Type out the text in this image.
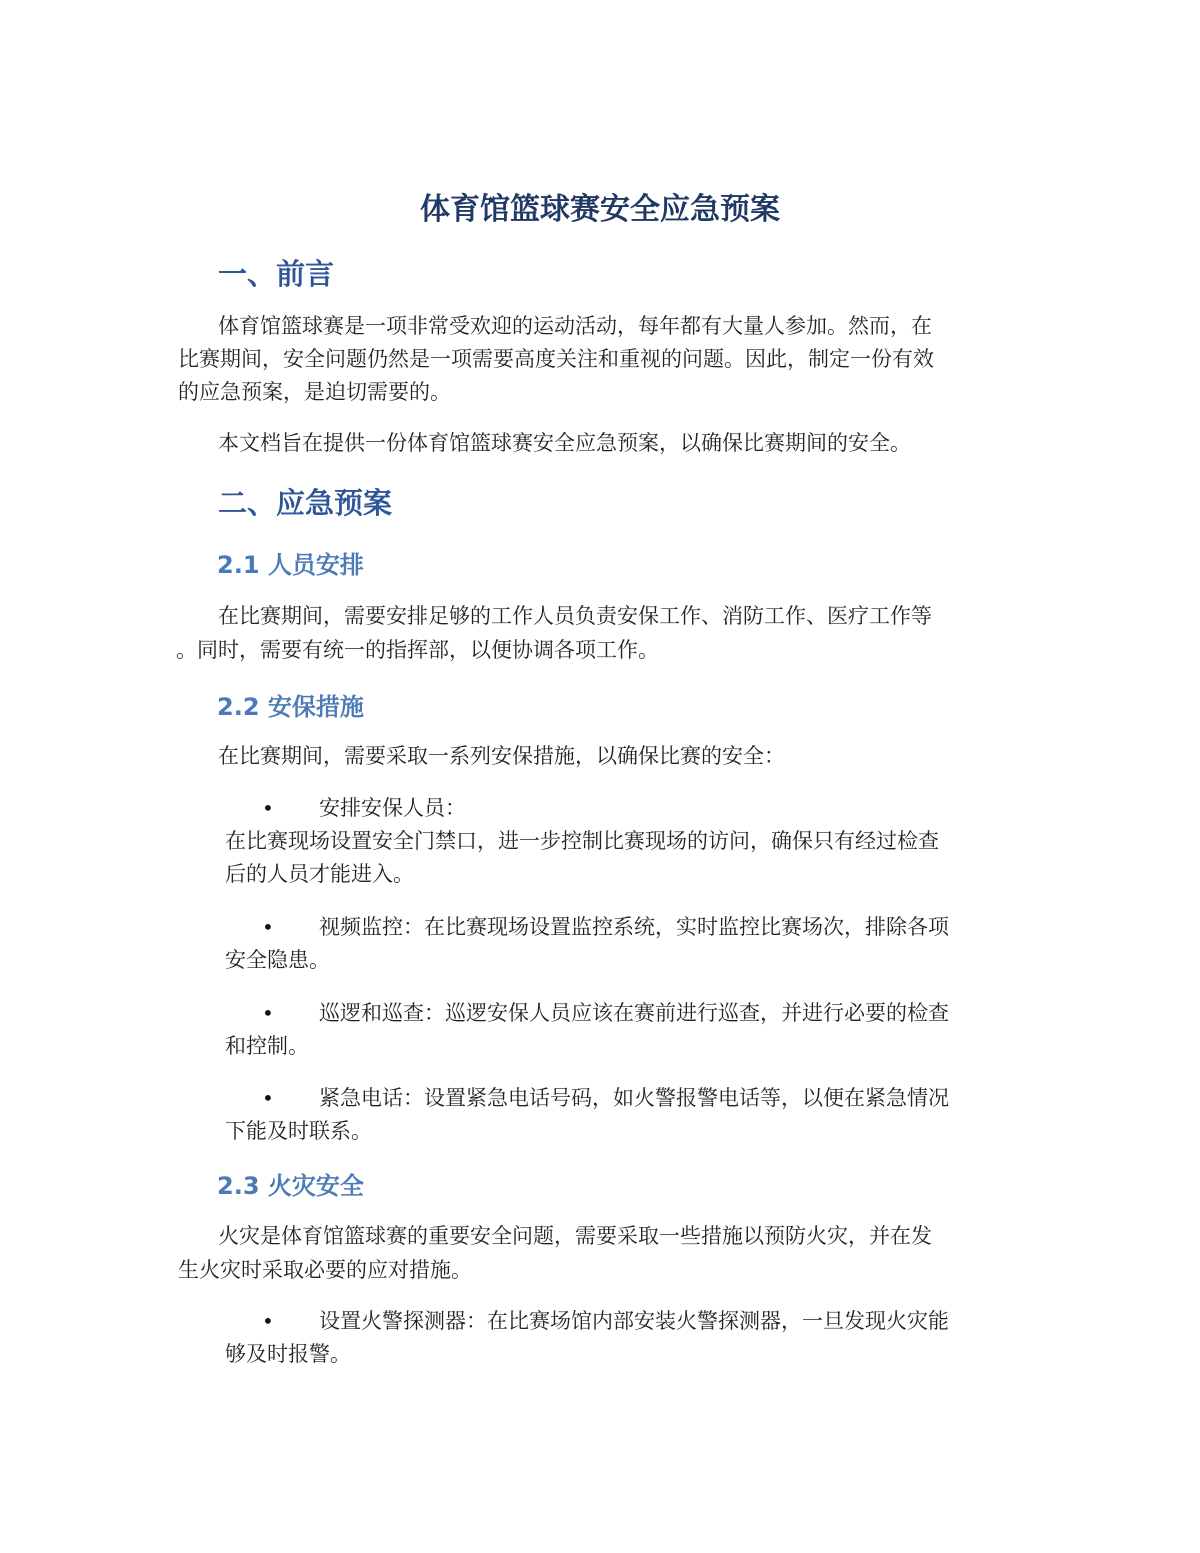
体育馆篮球赛安全应急预案
一、前言

体育馆篮球赛是一项非常受欢迎的运动活动，每年都有大量人参加。然而，在

比赛期间，安全问题仍然是一项需要高度关注和重视的问题。因此，制定一份有效

的应急预案，是迫切需要的。

本文档旨在提供一份体育馆篮球赛安全应急预案，以确保比赛期间的安全。

二、应急预案
2.1 人员安排

在比赛期间，需要安排足够的工作人员负责安保工作、消防工作、医疗工作等

。同时，需要有统一的指挥部，以便协调各项工作。

2.2 安保措施

在比赛期间，需要采取一系列安保措施，以确保比赛的安全：

• 安排安保人员：

在比赛现场设置安全门禁口，进一步控制比赛现场的访问，确保只有经过检查

后的人员才能进入。

• 视频监控：在比赛现场设置监控系统，实时监控比赛场次，排除各项

安全隐患。

• 巡逻和巡查：巡逻安保人员应该在赛前进行巡查，并进行必要的检查

和控制。

• 紧急电话：设置紧急电话号码，如火警报警电话等，以便在紧急情况

下能及时联系。

2.3 火灾安全

火灾是体育馆篮球赛的重要安全问题，需要采取一些措施以预防火灾，并在发

生火灾时采取必要的应对措施。

• 设置火警探测器：在比赛场馆内部安装火警探测器，一旦发现火灾能

够及时报警。
